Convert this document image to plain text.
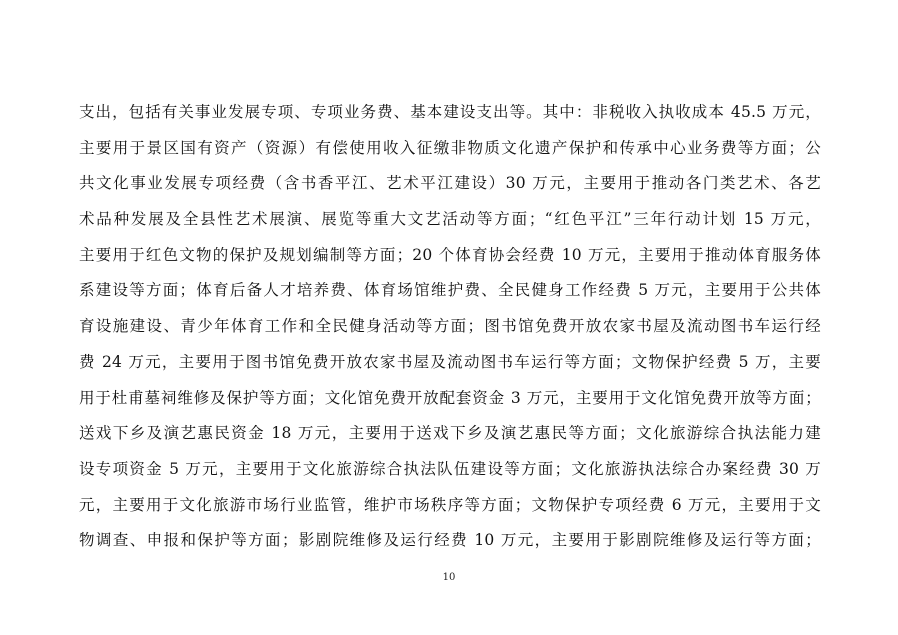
支出，包括有关事业发展专项、专项业务费、基本建设支出等。其中：非税收入执收成本 45.5 万元，
主要用于景区国有资产（资源）有偿使用收入征缴非物质文化遗产保护和传承中心业务费等方面；公
共文化事业发展专项经费（含书香平江、艺术平江建设）30 万元，主要用于推动各门类艺术、各艺
术品种发展及全县性艺术展演、展览等重大文艺活动等方面；“红色平江”三年行动计划 15 万元，
主要用于红色文物的保护及规划编制等方面；20 个体育协会经费 10 万元，主要用于推动体育服务体
系建设等方面；体育后备人才培养费、体育场馆维护费、全民健身工作经费 5 万元，主要用于公共体
育设施建设、青少年体育工作和全民健身活动等方面；图书馆免费开放农家书屋及流动图书车运行经
费 24 万元，主要用于图书馆免费开放农家书屋及流动图书车运行等方面；文物保护经费 5 万，主要
用于杜甫墓祠维修及保护等方面；文化馆免费开放配套资金 3 万元，主要用于文化馆免费开放等方面；
送戏下乡及演艺惠民资金 18 万元，主要用于送戏下乡及演艺惠民等方面；文化旅游综合执法能力建
设专项资金 5 万元，主要用于文化旅游综合执法队伍建设等方面；文化旅游执法综合办案经费 30 万
元，主要用于文化旅游市场行业监管，维护市场秩序等方面；文物保护专项经费 6 万元，主要用于文
物调查、申报和保护等方面；影剧院维修及运行经费 10 万元，主要用于影剧院维修及运行等方面；
10
